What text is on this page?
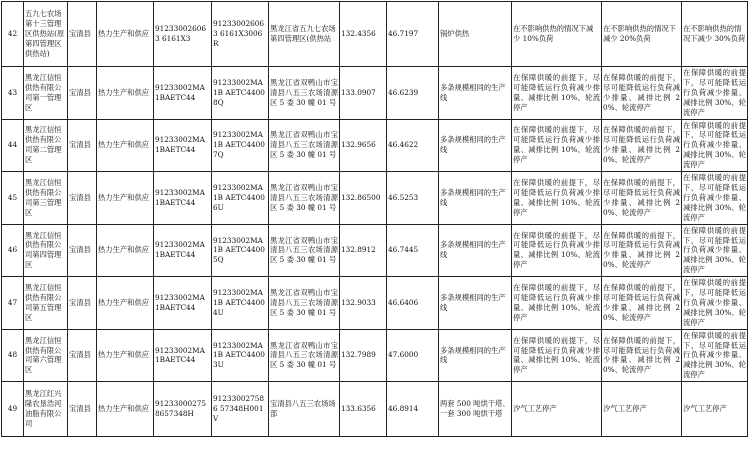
42	五九七农场第十三管理区供热站(原第四管理区供热站)	宝清县	热力生产和供应	912330026063 6161X3	912330026063 6161X3006R	黑龙江省五九七农场第四管理区(供热站	132.4356	46.7197	锅炉供热	在不影响供热的情况下减少 10%负荷	在不影响供热的情况下减少 20%负荷	在不影响供热的情况下减少 30%负荷
43	黑龙江信恒供热有限公司第一管理区	宝清县	热力生产和供应	91233002MA 1BAETC44	91233002MA1B AETC44008Q	黑龙江省双鸭山市宝清县八五三农场清源区 5 委 30 幢 01 号	133.0907	46.6239	多条规模相同的生产线	在保障供暖的前提下，尽可能降低运行负荷减少排量、减排比例 10%、轮流停产	在保障供暖的前提下，尽可能降低运行负荷减少排量、减排比例 20%、轮流停产	在保障供暖的前提下，尽可能降低运行负荷减少排量、减排比例 30%、轮流停产
44	黑龙江信恒供热有限公司第二管理区	宝清县	热力生产和供应	91233002MA 1BAETC44	91233002MA1B AETC44007Q	黑龙江省双鸭山市宝清县八五三农场清源区 5 委 30 幢 01 号	132.9656	46.4622	多条规模相同的生产线	在保障供暖的前提下，尽可能降低运行负荷减少排量、减排比例 10%、轮流停产	在保障供暖的前提下，尽可能降低运行负荷减少排量、减排比例 20%、轮流停产	在保障供暖的前提下，尽可能降低运行负荷减少排量、减排比例 30%、轮流停产
45	黑龙江信恒供热有限公司第三管理区	宝清县	热力生产和供应	91233002MA 1BAETC44	91233002MA1B AETC44006U	黑龙江省双鸭山市宝清县八五三农场清源区 5 委 30 幢 01 号	132.86500	46.5253	多条规模相同的生产线	在保障供暖的前提下，尽可能降低运行负荷减少排量、减排比例 10%、轮流停产	在保障供暖的前提下，尽可能降低运行负荷减少排量、减排比例 20%、轮流停产	在保障供暖的前提下，尽可能降低运行负荷减少排量、减排比例 30%、轮流停产
46	黑龙江信恒供热有限公司第四管理区	宝清县	热力生产和供应	91233002MA 1BAETC44	91233002MA1B AETC44005Q	黑龙江省双鸭山市宝清县八五三农场清源区 5 委 30 幢 01 号	132.8912	46.7445	多条规模相同的生产线	在保障供暖的前提下，尽可能降低运行负荷减少排量、减排比例 10%、轮流停产	在保障供暖的前提下，尽可能降低运行负荷减少排量、减排比例 20%、轮流停产	在保障供暖的前提下，尽可能降低运行负荷减少排量、减排比例 30%、轮流停产
47	黑龙江信恒供热有限公司第五管理区	宝清县	热力生产和供应	91233002MA 1BAETC44	91233002MA1B AETC44004U	黑龙江省双鸭山市宝清县八五三农场清源区 5 委 30 幢 01 号	132.9033	46.6406	多条规模相同的生产线	在保障供暖的前提下，尽可能降低运行负荷减少排量、减排比例 10%、轮流停产	在保障供暖的前提下，尽可能降低运行负荷减少排量、减排比例 20%、轮流停产	在保障供暖的前提下，尽可能降低运行负荷减少排量、减排比例 30%、轮流停产
48	黑龙江信恒供热有限公司第六管理区	宝清县	热力生产和供应	91233002MA 1BAETC44	91233002MA1B AETC44003U	黑龙江省双鸭山市宝清县八五三农场清源区 5 委 30 幢 01 号	132.7989	47.6000	多条规模相同的生产线	在保障供暖的前提下，尽可能降低运行负荷减少排量、减排比例 10%、轮流停产	在保障供暖的前提下，尽可能降低运行负荷减少排量、减排比例 20%、轮流停产	在保障供暖的前提下，尽可能降低运行负荷减少排量、减排比例 30%、轮流停产
49	黑龙江红兴隆农垦浩河油脂有限公司	宝清县	热力生产和供应	91233000275 8657348H	912330027586 57348H001V	宝清县八五三农场场部	133.6356	46.8914	两套 500 吨烘干塔、一套 300 吨烘干塔	汐气工艺停产	汐气工艺停产	汐气工艺停产
